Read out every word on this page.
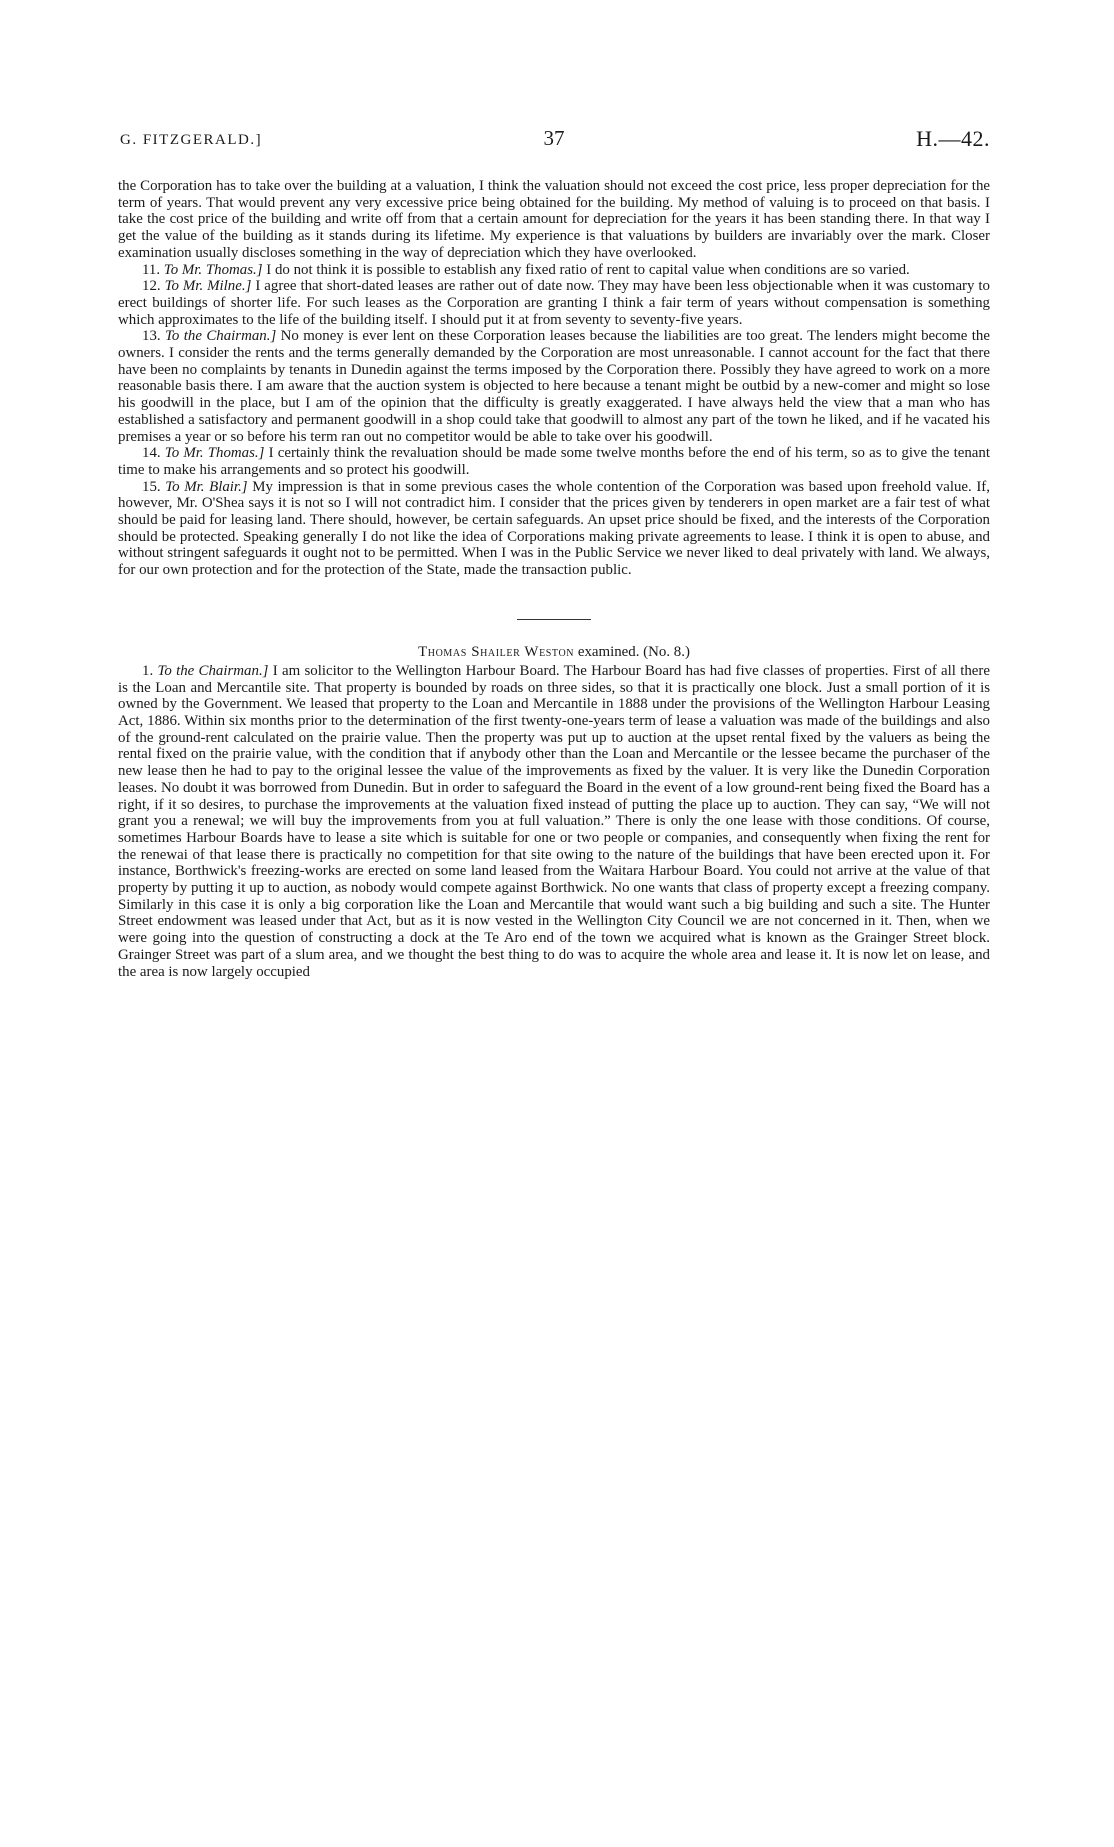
G. FITZGERALD.]	37	H.—42.

the Corporation has to take over the building at a valuation, I think the valuation should not exceed the cost price, less proper depreciation for the term of years. That would prevent any very excessive price being obtained for the building. My method of valuing is to proceed on that basis. I take the cost price of the building and write off from that a certain amount for depreciation for the years it has been standing there. In that way I get the value of the building as it stands during its lifetime. My experience is that valuations by builders are invariably over the mark. Closer examination usually discloses something in the way of depreciation which they have overlooked.

11. To Mr. Thomas.] I do not think it is possible to establish any fixed ratio of rent to capital value when conditions are so varied.

12. To Mr. Milne.] I agree that short-dated leases are rather out of date now. They may have been less objectionable when it was customary to erect buildings of shorter life. For such leases as the Corporation are granting I think a fair term of years without compensation is something which approximates to the life of the building itself. I should put it at from seventy to seventy-five years.

13. To the Chairman.] No money is ever lent on these Corporation leases because the liabilities are too great. The lenders might become the owners. I consider the rents and the terms generally demanded by the Corporation are most unreasonable. I cannot account for the fact that there have been no complaints by tenants in Dunedin against the terms imposed by the Corporation there. Possibly they have agreed to work on a more reasonable basis there. I am aware that the auction system is objected to here because a tenant might be outbid by a new-comer and might so lose his goodwill in the place, but I am of the opinion that the difficulty is greatly exaggerated. I have always held the view that a man who has established a satisfactory and permanent goodwill in a shop could take that goodwill to almost any part of the town he liked, and if he vacated his premises a year or so before his term ran out no competitor would be able to take over his goodwill.

14. To Mr. Thomas.] I certainly think the revaluation should be made some twelve months before the end of his term, so as to give the tenant time to make his arrangements and so protect his goodwill.

15. To Mr. Blair.] My impression is that in some previous cases the whole contention of the Corporation was based upon freehold value. If, however, Mr. O'Shea says it is not so I will not contradict him. I consider that the prices given by tenderers in open market are a fair test of what should be paid for leasing land. There should, however, be certain safeguards. An upset price should be fixed, and the interests of the Corporation should be protected. Speaking generally I do not like the idea of Corporations making private agreements to lease. I think it is open to abuse, and without stringent safeguards it ought not to be permitted. When I was in the Public Service we never liked to deal privately with land. We always, for our own protection and for the protection of the State, made the transaction public.

Thomas Shailer Weston examined. (No. 8.)

1. To the Chairman.] I am solicitor to the Wellington Harbour Board. The Harbour Board has had five classes of properties. First of all there is the Loan and Mercantile site. That property is bounded by roads on three sides, so that it is practically one block. Just a small portion of it is owned by the Government. We leased that property to the Loan and Mercantile in 1888 under the provisions of the Wellington Harbour Leasing Act, 1886. Within six months prior to the determination of the first twenty-one-years term of lease a valuation was made of the buildings and also of the ground-rent calculated on the prairie value. Then the property was put up to auction at the upset rental fixed by the valuers as being the rental fixed on the prairie value, with the condition that if anybody other than the Loan and Mercantile or the lessee became the purchaser of the new lease then he had to pay to the original lessee the value of the improvements as fixed by the valuer. It is very like the Dunedin Corporation leases. No doubt it was borrowed from Dunedin. But in order to safeguard the Board in the event of a low ground-rent being fixed the Board has a right, if it so desires, to purchase the improvements at the valuation fixed instead of putting the place up to auction. They can say, “We will not grant you a renewal; we will buy the improvements from you at full valuation.” There is only the one lease with those conditions. Of course, sometimes Harbour Boards have to lease a site which is suitable for one or two people or companies, and consequently when fixing the rent for the renewai of that lease there is practically no competition for that site owing to the nature of the buildings that have been erected upon it. For instance, Borthwick's freezing-works are erected on some land leased from the Waitara Harbour Board. You could not arrive at the value of that property by putting it up to auction, as nobody would compete against Borthwick. No one wants that class of property except a freezing company. Similarly in this case it is only a big corporation like the Loan and Mercantile that would want such a big building and such a site. The Hunter Street endowment was leased under that Act, but as it is now vested in the Wellington City Council we are not concerned in it. Then, when we were going into the question of constructing a dock at the Te Aro end of the town we acquired what is known as the Grainger Street block. Grainger Street was part of a slum area, and we thought the best thing to do was to acquire the whole area and lease it. It is now let on lease, and the area is now largely occupied
